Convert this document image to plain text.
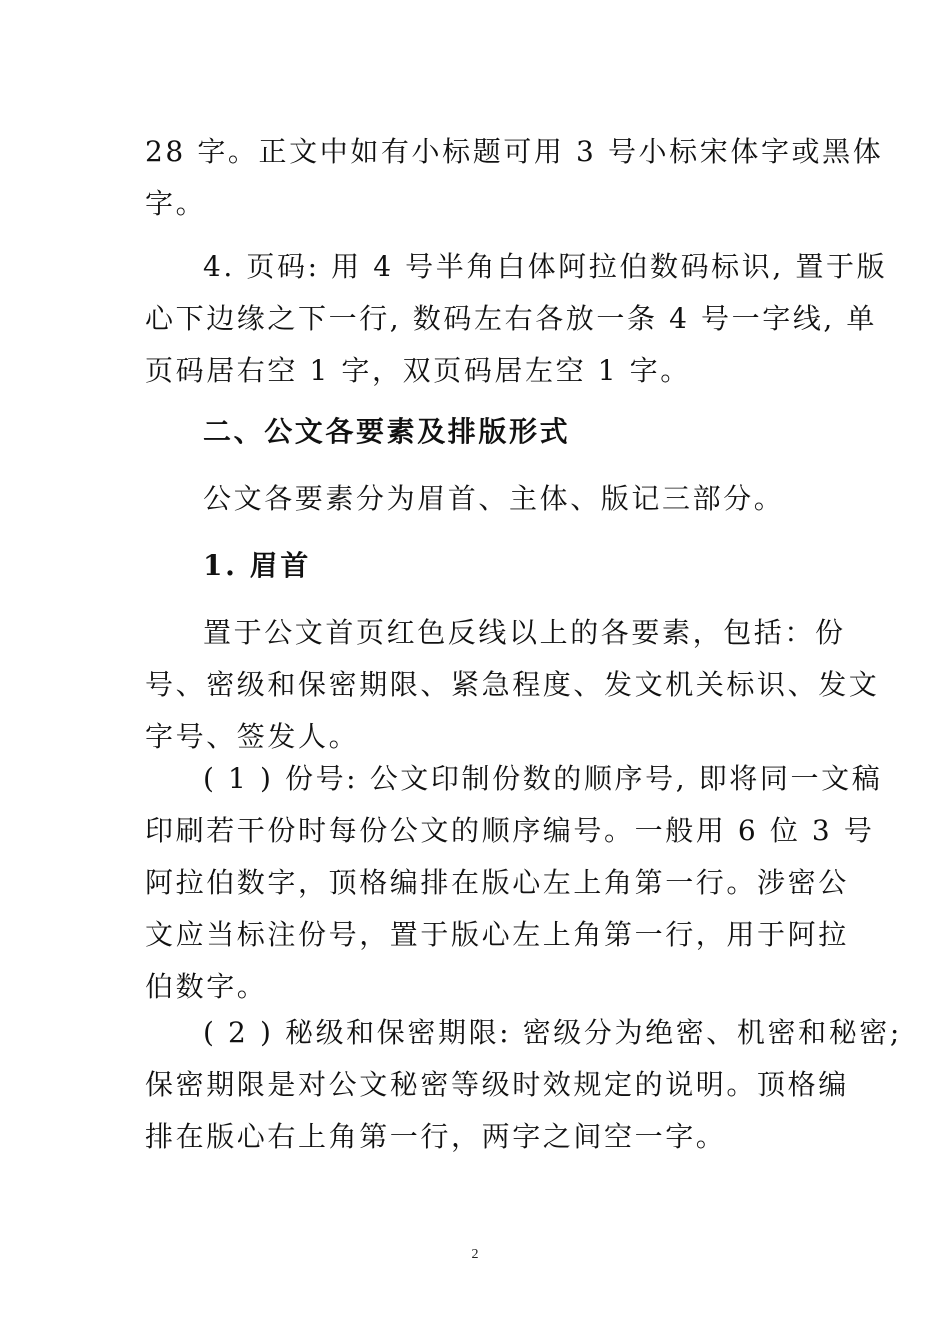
28 字。正文中如有小标题可用 3 号小标宋体字或黑体
字。

4. 页码: 用 4 号半角白体阿拉伯数码标识, 置于版
心下边缘之下一行, 数码左右各放一条 4 号一字线, 单
页码居右空 1 字，双页码居左空 1 字。

二、公文各要素及排版形式

公文各要素分为眉首、主体、版记三部分。

1. 眉首

置于公文首页红色反线以上的各要素，包括：份
号、密级和保密期限、紧急程度、发文机关标识、发文
字号、签发人。

( 1 ) 份号: 公文印制份数的顺序号, 即将同一文稿
印刷若干份时每份公文的顺序编号。一般用 6 位 3 号
阿拉伯数字，顶格编排在版心左上角第一行。涉密公
文应当标注份号，置于版心左上角第一行，用于阿拉
伯数字。

( 2 ) 秘级和保密期限: 密级分为绝密、机密和秘密;
保密期限是对公文秘密等级时效规定的说明。顶格编
排在版心右上角第一行，两字之间空一字。

2
